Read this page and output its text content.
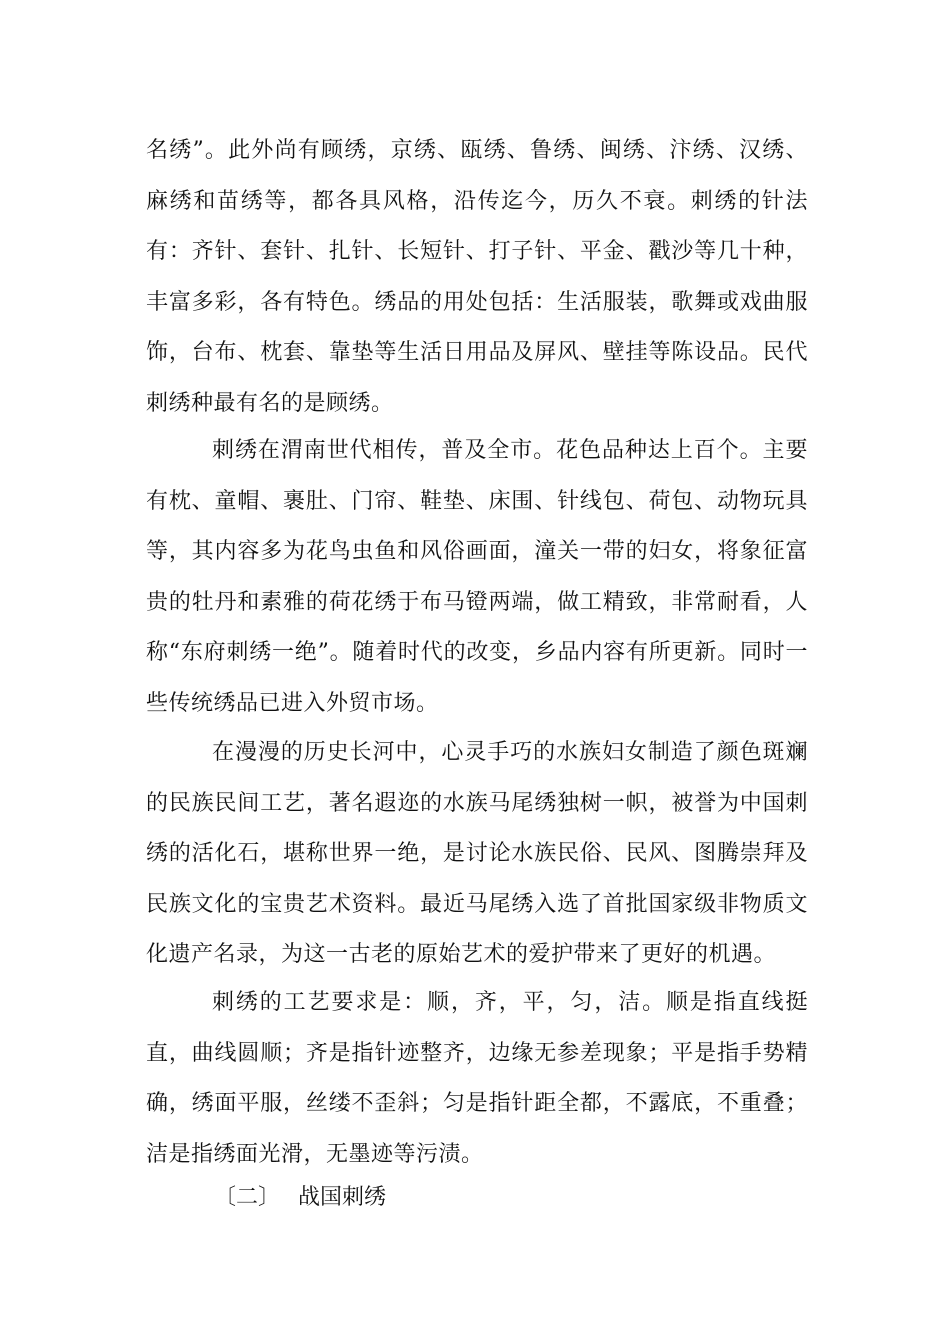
名绣”。此外尚有顾绣，京绣、瓯绣、鲁绣、闽绣、汴绣、汉绣、麻绣和苗绣等，都各具风格，沿传迄今，历久不衰。刺绣的针法有：齐针、套针、扎针、长短针、打子针、平金、戳沙等几十种，丰富多彩，各有特色。绣品的用处包括：生活服装，歌舞或戏曲服饰，台布、枕套、靠垫等生活日用品及屏风、壁挂等陈设品。民代刺绣种最有名的是顾绣。

刺绣在渭南世代相传，普及全市。花色品种达上百个。主要有枕、童帽、裹肚、门帘、鞋垫、床围、针线包、荷包、动物玩具等，其内容多为花鸟虫鱼和风俗画面，潼关一带的妇女，将象征富贵的牡丹和素雅的荷花绣于布马镫两端，做工精致，非常耐看，人称“东府刺绣一绝”。随着时代的改变，乡品内容有所更新。同时一些传统绣品已进入外贸市场。

在漫漫的历史长河中，心灵手巧的水族妇女制造了颜色斑斓的民族民间工艺，著名遐迩的水族马尾绣独树一帜，被誉为中国刺绣的活化石，堪称世界一绝，是讨论水族民俗、民风、图腾崇拜及民族文化的宝贵艺术资料。最近马尾绣入选了首批国家级非物质文化遗产名录，为这一古老的原始艺术的爱护带来了更好的机遇。

刺绣的工艺要求是：顺，齐，平，匀，洁。顺是指直线挺直，曲线圆顺；齐是指针迹整齐，边缘无参差现象；平是指手势精确，绣面平服，丝缕不歪斜；匀是指针距全都，不露底，不重叠；洁是指绣面光滑，无墨迹等污渍。

〔二〕 战国刺绣
